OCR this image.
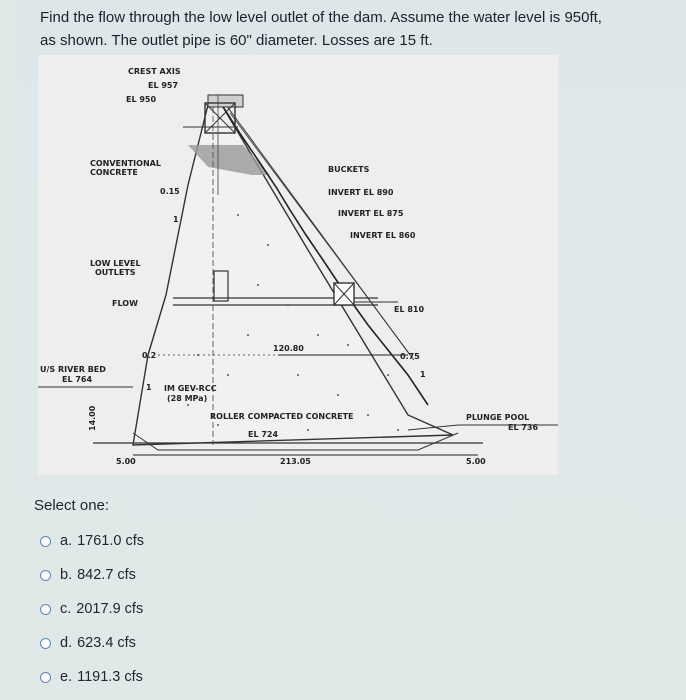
Find the flow through the low level outlet of the dam. Assume the water level is 950ft,
as shown. The outlet pipe is 60" diameter. Losses are 15 ft.
CREST AXIS
EL 957
EL 950
CONVENTIONAL
CONCRETE
0.15
1
BUCKETS
INVERT EL 890
INVERT EL 875
INVERT EL 860
LOW LEVEL
OUTLETS
FLOW
EL 810
120.80
0.2	0.75
1
1
U/S RIVER BED
EL 764
IM GEV-RCC
(28 MPa)
ROLLER COMPACTED CONCRETE
EL 724
PLUNGE POOL
EL 736
14.00
5.00	213.05	5.00
Select one:
a. 1761.0 cfs
b. 842.7 cfs
c. 2017.9 cfs
d. 623.4 cfs
e. 1191.3 cfs
